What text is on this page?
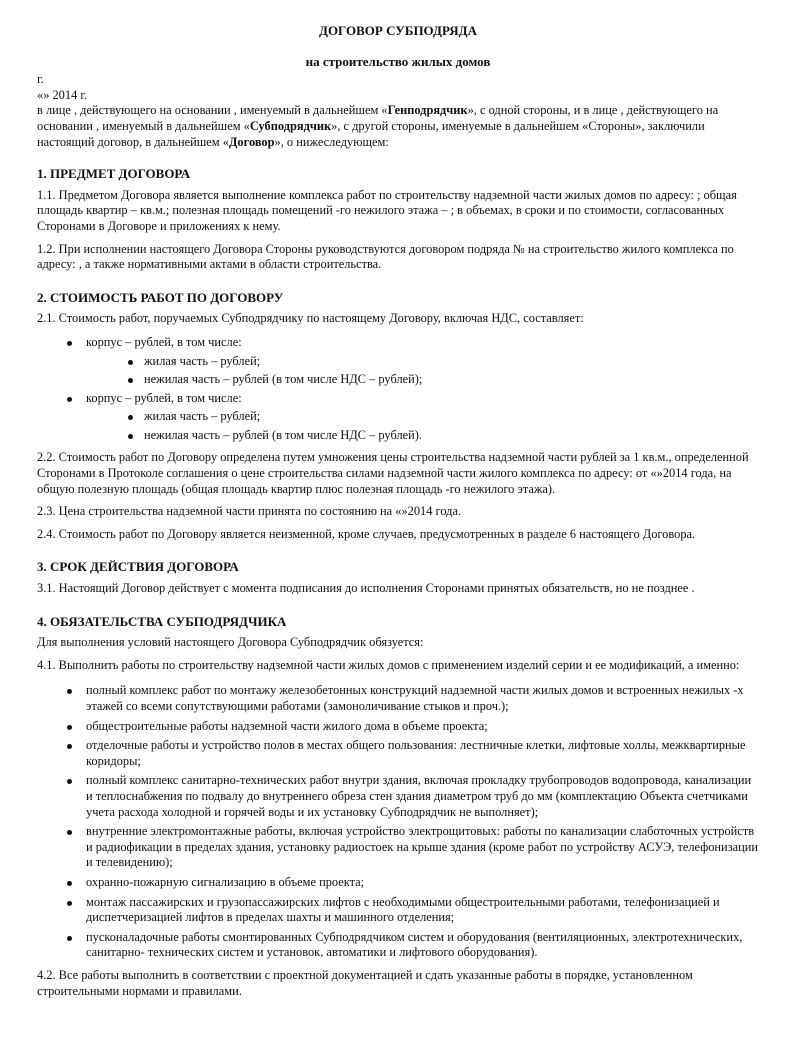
ДОГОВОР СУБПОДРЯДА

на строительство жилых домов

г.

«» 2014 г.

в лице , действующего на основании , именуемый в дальнейшем «Генподрядчик», с одной стороны, и в лице , действующего на основании , именуемый в дальнейшем «Субподрядчик», с другой стороны, именуемые в дальнейшем «Стороны», заключили настоящий договор, в дальнейшем «Договор», о нижеследующем:

1. ПРЕДМЕТ ДОГОВОРА

1.1. Предметом Договора является выполнение комплекса работ по строительству надземной части жилых домов по адресу: ; общая площадь квартир – кв.м.; полезная площадь помещений -го нежилого этажа – ; в объемах, в сроки и по стоимости, согласованных Сторонами в Договоре и приложениях к нему.

1.2. При исполнении настоящего Договора Стороны руководствуются договором подряда № на строительство жилого комплекса по адресу: , а также нормативными актами в области строительства.

2. СТОИМОСТЬ РАБОТ ПО ДОГОВОРУ

2.1. Стоимость работ, поручаемых Субподрядчику по настоящему Договору, включая НДС, составляет:

корпус – рублей, в том числе:
жилая часть – рублей;
нежилая часть – рублей (в том числе НДС – рублей);
корпус – рублей, в том числе:
жилая часть – рублей;
нежилая часть – рублей (в том числе НДС – рублей).

2.2. Стоимость работ по Договору определена путем умножения цены строительства надземной части рублей за 1 кв.м., определенной Сторонами в Протоколе соглашения о цене строительства силами надземной части жилого комплекса по адресу: от «»2014 года, на общую полезную площадь (общая площадь квартир плюс полезная площадь -го нежилого этажа).

2.3. Цена строительства надземной части принята по состоянию на «»2014 года.

2.4. Стоимость работ по Договору является неизменной, кроме случаев, предусмотренных в разделе 6 настоящего Договора.

3. СРОК ДЕЙСТВИЯ ДОГОВОРА

3.1. Настоящий Договор действует с момента подписания до исполнения Сторонами принятых обязательств, но не позднее .

4. ОБЯЗАТЕЛЬСТВА СУБПОДРЯДЧИКА

Для выполнения условий настоящего Договора Субподрядчик обязуется:

4.1. Выполнить работы по строительству надземной части жилых домов с применением изделий серии и ее модификаций, а именно:

полный комплекс работ по монтажу железобетонных конструкций надземной части жилых домов и встроенных нежилых -х этажей со всеми сопутствующими работами (замоноличивание стыков и проч.);
общестроительные работы надземной части жилого дома в объеме проекта;
отделочные работы и устройство полов в местах общего пользования: лестничные клетки, лифтовые холлы, межквартирные коридоры;
полный комплекс санитарно-технических работ внутри здания, включая прокладку трубопроводов водопровода, канализации и теплоснабжения по подвалу до внутреннего обреза стен здания диаметром труб до мм (комплектацию Объекта счетчиками учета расхода холодной и горячей воды и их установку Субподрядчик не выполняет);
внутренние электромонтажные работы, включая устройство электрощитовых: работы по канализации слаботочных устройств и радиофикации в пределах здания, установку радиостоек на крыше здания (кроме работ по устройству АСУЭ, телефонизации и телевидению);
охранно-пожарную сигнализацию в объеме проекта;
монтаж пассажирских и грузопассажирских лифтов с необходимыми общестроительными работами, телефонизацией и диспетчеризацией лифтов в пределах шахты и машинного отделения;
пусконаладочные работы смонтированных Субподрядчиком систем и оборудования (вентиляционных, электротехнических, санитарно- технических систем и установок, автоматики и лифтового оборудования).

4.2. Все работы выполнить в соответствии с проектной документацией и сдать указанные работы в порядке, установленном строительными нормами и правилами.
